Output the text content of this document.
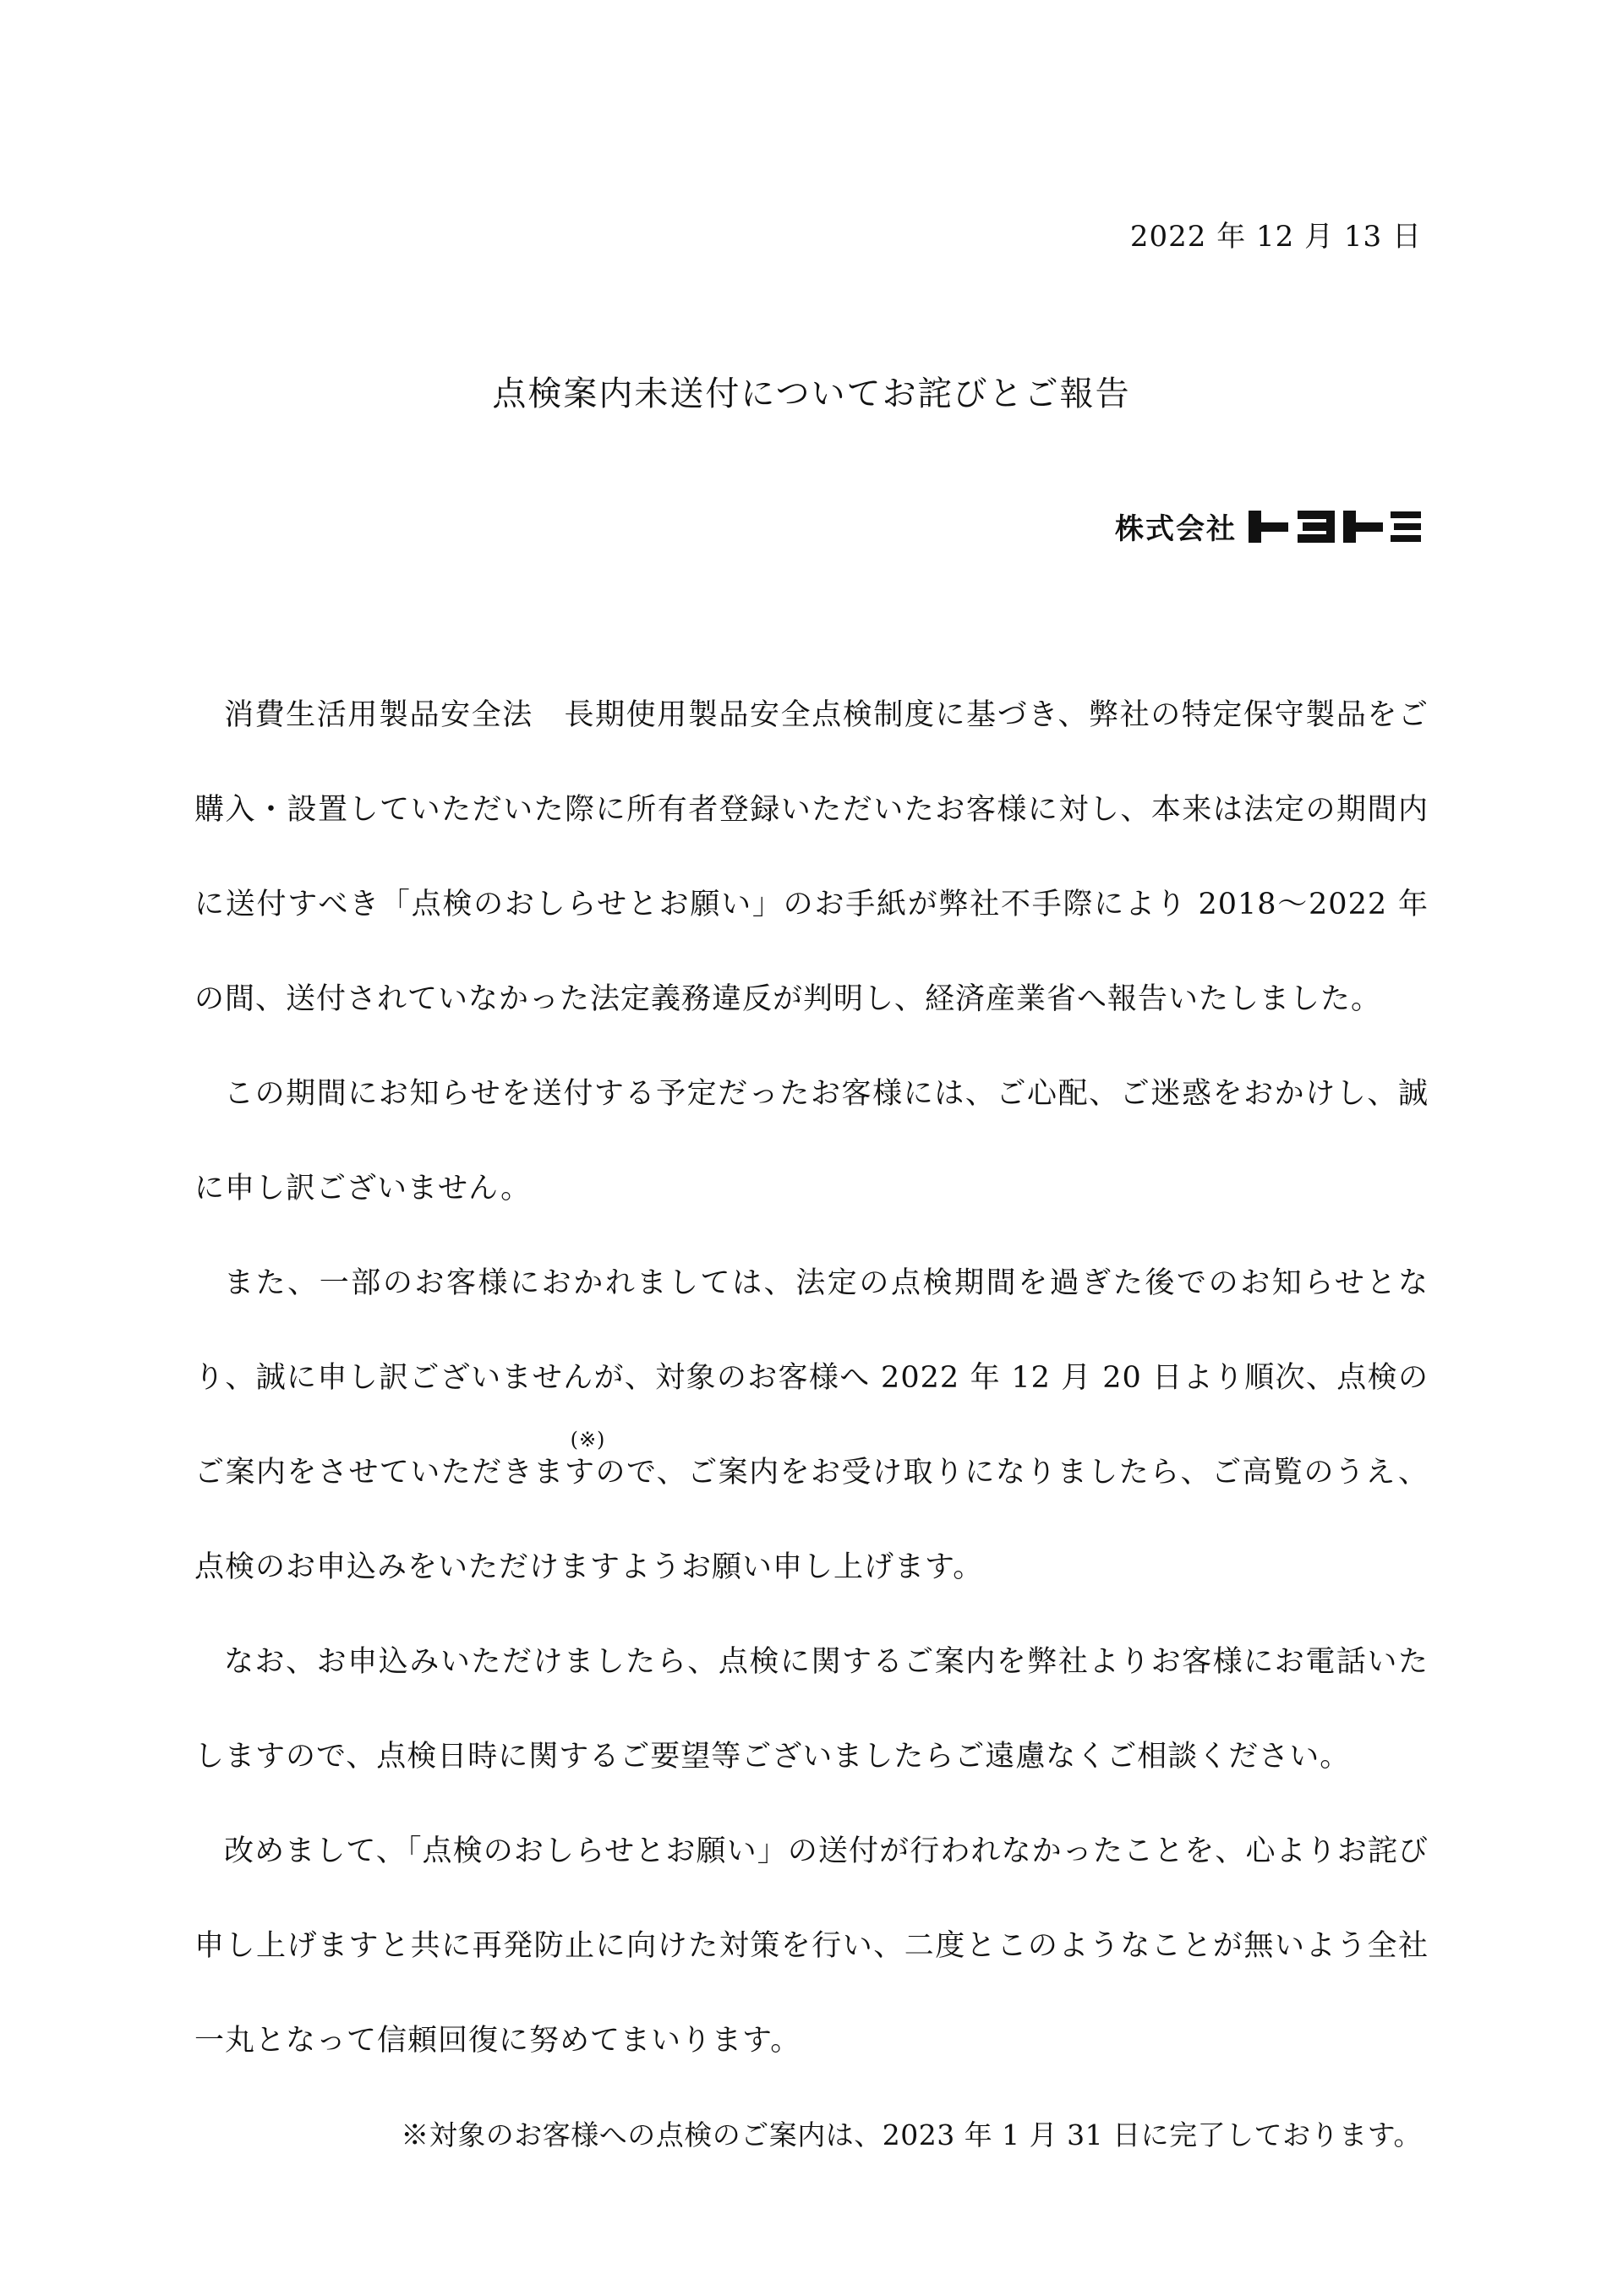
2022 年 12 月 13 日
点検案内未送付についてお詫びとご報告
株式会社

消費生活用製品安全法　長期使用製品安全点検制度に基づき、弊社の特定保守製品をご購入・設置していただいた際に所有者登録いただいたお客様に対し、本来は法定の期間内に送付すべき「点検のおしらせとお願い」のお手紙が弊社不手際により 2018〜2022 年の間、送付されていなかった法定義務違反が判明し、経済産業省へ報告いたしました。

この期間にお知らせを送付する予定だったお客様には、ご心配、ご迷惑をおかけし、誠に申し訳ございません。

また、一部のお客様におかれましては、法定の点検期間を過ぎた後でのお知らせとなり、誠に申し訳ございませんが、対象のお客様へ 2022 年 12 月 20 日より順次、点検のご案内をさせていただきま
(※)
すので、ご案内をお受け取りになりましたら、ご高覧のうえ、点検のお申込みをいただけますようお願い申し上げます。

なお、お申込みいただけましたら、点検に関するご案内を弊社よりお客様にお電話いたしますので、点検日時に関するご要望等ございましたらご遠慮なくご相談ください。

改めまして、「点検のおしらせとお願い」の送付が行われなかったことを、心よりお詫び申し上げますと共に再発防止に向けた対策を行い、二度とこのようなことが無いよう全社一丸となって信頼回復に努めてまいります。

※対象のお客様への点検のご案内は、2023 年 1 月 31 日に完了しております。
